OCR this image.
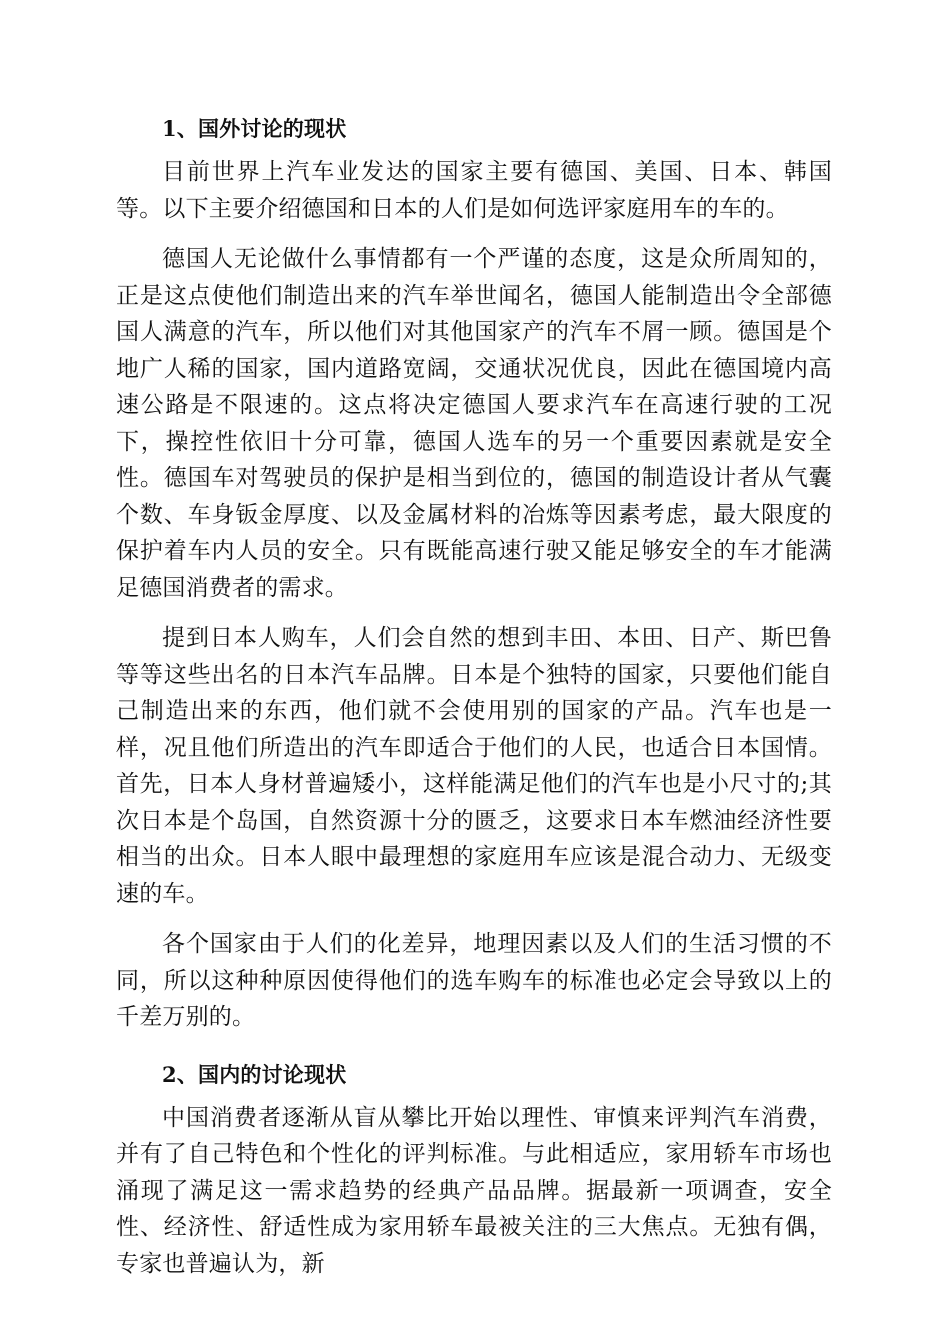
1、国外讨论的现状

目前世界上汽车业发达的国家主要有德国、美国、日本、韩国等。以下主要介绍德国和日本的人们是如何选评家庭用车的车的。

德国人无论做什么事情都有一个严谨的态度，这是众所周知的，正是这点使他们制造出来的汽车举世闻名，德国人能制造出令全部德国人满意的汽车，所以他们对其他国家产的汽车不屑一顾。德国是个地广人稀的国家，国内道路宽阔，交通状况优良，因此在德国境内高速公路是不限速的。这点将决定德国人要求汽车在高速行驶的工况下，操控性依旧十分可靠，德国人选车的另一个重要因素就是安全性。德国车对驾驶员的保护是相当到位的，德国的制造设计者从气囊个数、车身钣金厚度、以及金属材料的冶炼等因素考虑，最大限度的保护着车内人员的安全。只有既能高速行驶又能足够安全的车才能满足德国消费者的需求。

提到日本人购车，人们会自然的想到丰田、本田、日产、斯巴鲁等等这些出名的日本汽车品牌。日本是个独特的国家，只要他们能自己制造出来的东西，他们就不会使用别的国家的产品。汽车也是一样，况且他们所造出的汽车即适合于他们的人民，也适合日本国情。首先，日本人身材普遍矮小，这样能满足他们的汽车也是小尺寸的;其次日本是个岛国，自然资源十分的匮乏，这要求日本车燃油经济性要相当的出众。日本人眼中最理想的家庭用车应该是混合动力、无级变速的车。

各个国家由于人们的化差异，地理因素以及人们的生活习惯的不同，所以这种种原因使得他们的选车购车的标准也必定会导致以上的千差万别的。

2、国内的讨论现状

中国消费者逐渐从盲从攀比开始以理性、审慎来评判汽车消费，并有了自己特色和个性化的评判标准。与此相适应，家用轿车市场也涌现了满足这一需求趋势的经典产品品牌。据最新一项调查，安全性、经济性、舒适性成为家用轿车最被关注的三大焦点。无独有偶，专家也普遍认为，新
